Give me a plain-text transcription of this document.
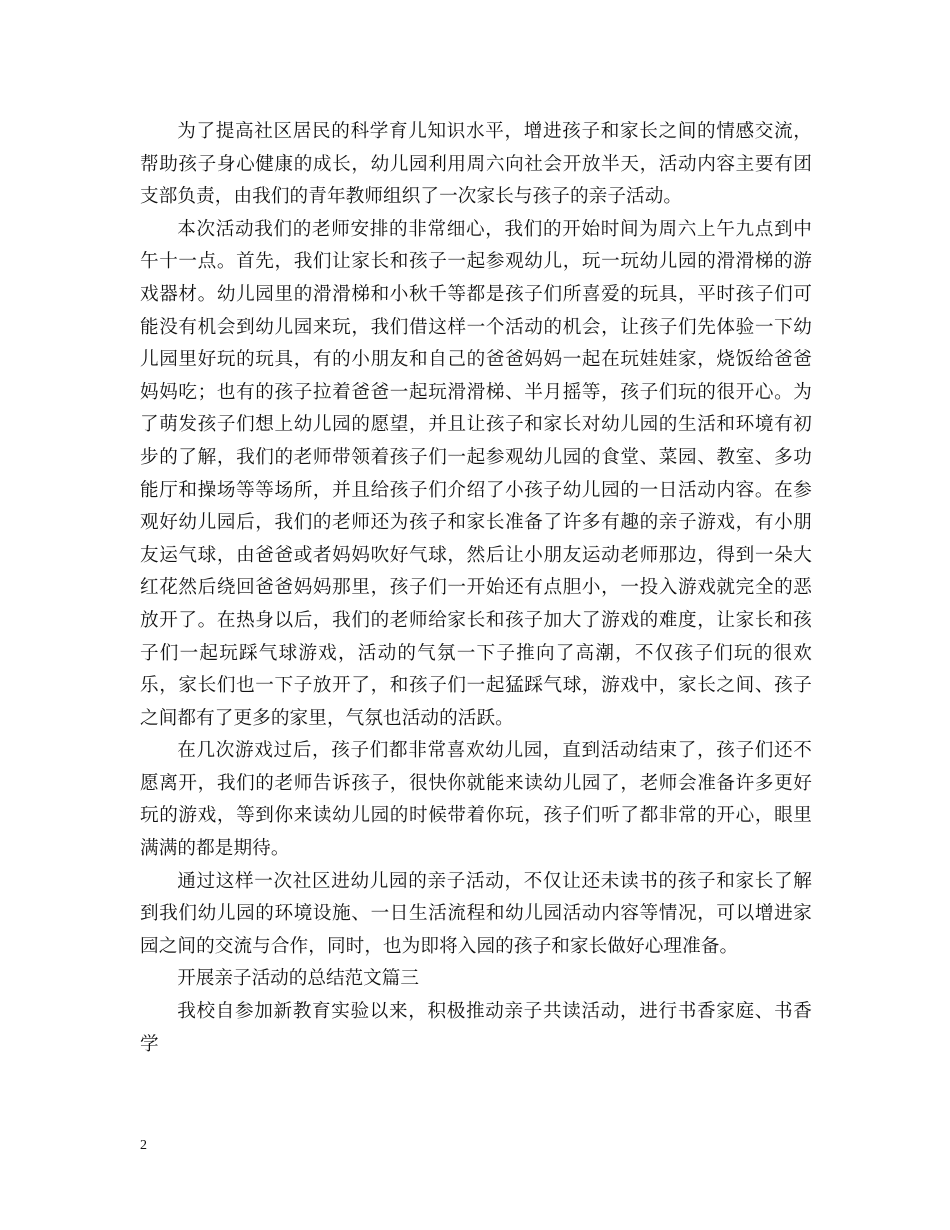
为了提高社区居民的科学育儿知识水平，增进孩子和家长之间的情感交流，帮助孩子身心健康的成长，幼儿园利用周六向社会开放半天，活动内容主要有团支部负责，由我们的青年教师组织了一次家长与孩子的亲子活动。

本次活动我们的老师安排的非常细心，我们的开始时间为周六上午九点到中午十一点。首先，我们让家长和孩子一起参观幼儿，玩一玩幼儿园的滑滑梯的游戏器材。幼儿园里的滑滑梯和小秋千等都是孩子们所喜爱的玩具，平时孩子们可能没有机会到幼儿园来玩，我们借这样一个活动的机会，让孩子们先体验一下幼儿园里好玩的玩具，有的小朋友和自己的爸爸妈妈一起在玩娃娃家，烧饭给爸爸妈妈吃；也有的孩子拉着爸爸一起玩滑滑梯、半月摇等，孩子们玩的很开心。为了萌发孩子们想上幼儿园的愿望，并且让孩子和家长对幼儿园的生活和环境有初步的了解，我们的老师带领着孩子们一起参观幼儿园的食堂、菜园、教室、多功能厅和操场等等场所，并且给孩子们介绍了小孩子幼儿园的一日活动内容。在参观好幼儿园后，我们的老师还为孩子和家长准备了许多有趣的亲子游戏，有小朋友运气球，由爸爸或者妈妈吹好气球，然后让小朋友运动老师那边，得到一朵大红花然后绕回爸爸妈妈那里，孩子们一开始还有点胆小，一投入游戏就完全的恶放开了。在热身以后，我们的老师给家长和孩子加大了游戏的难度，让家长和孩子们一起玩踩气球游戏，活动的气氛一下子推向了高潮，不仅孩子们玩的很欢乐，家长们也一下子放开了，和孩子们一起猛踩气球，游戏中，家长之间、孩子之间都有了更多的家里，气氛也活动的活跃。

在几次游戏过后，孩子们都非常喜欢幼儿园，直到活动结束了，孩子们还不愿离开，我们的老师告诉孩子，很快你就能来读幼儿园了，老师会准备许多更好玩的游戏，等到你来读幼儿园的时候带着你玩，孩子们听了都非常的开心，眼里满满的都是期待。

通过这样一次社区进幼儿园的亲子活动，不仅让还未读书的孩子和家长了解到我们幼儿园的环境设施、一日生活流程和幼儿园活动内容等情况，可以增进家园之间的交流与合作，同时，也为即将入园的孩子和家长做好心理准备。

开展亲子活动的总结范文篇三

我校自参加新教育实验以来，积极推动亲子共读活动，进行书香家庭、书香学

2
